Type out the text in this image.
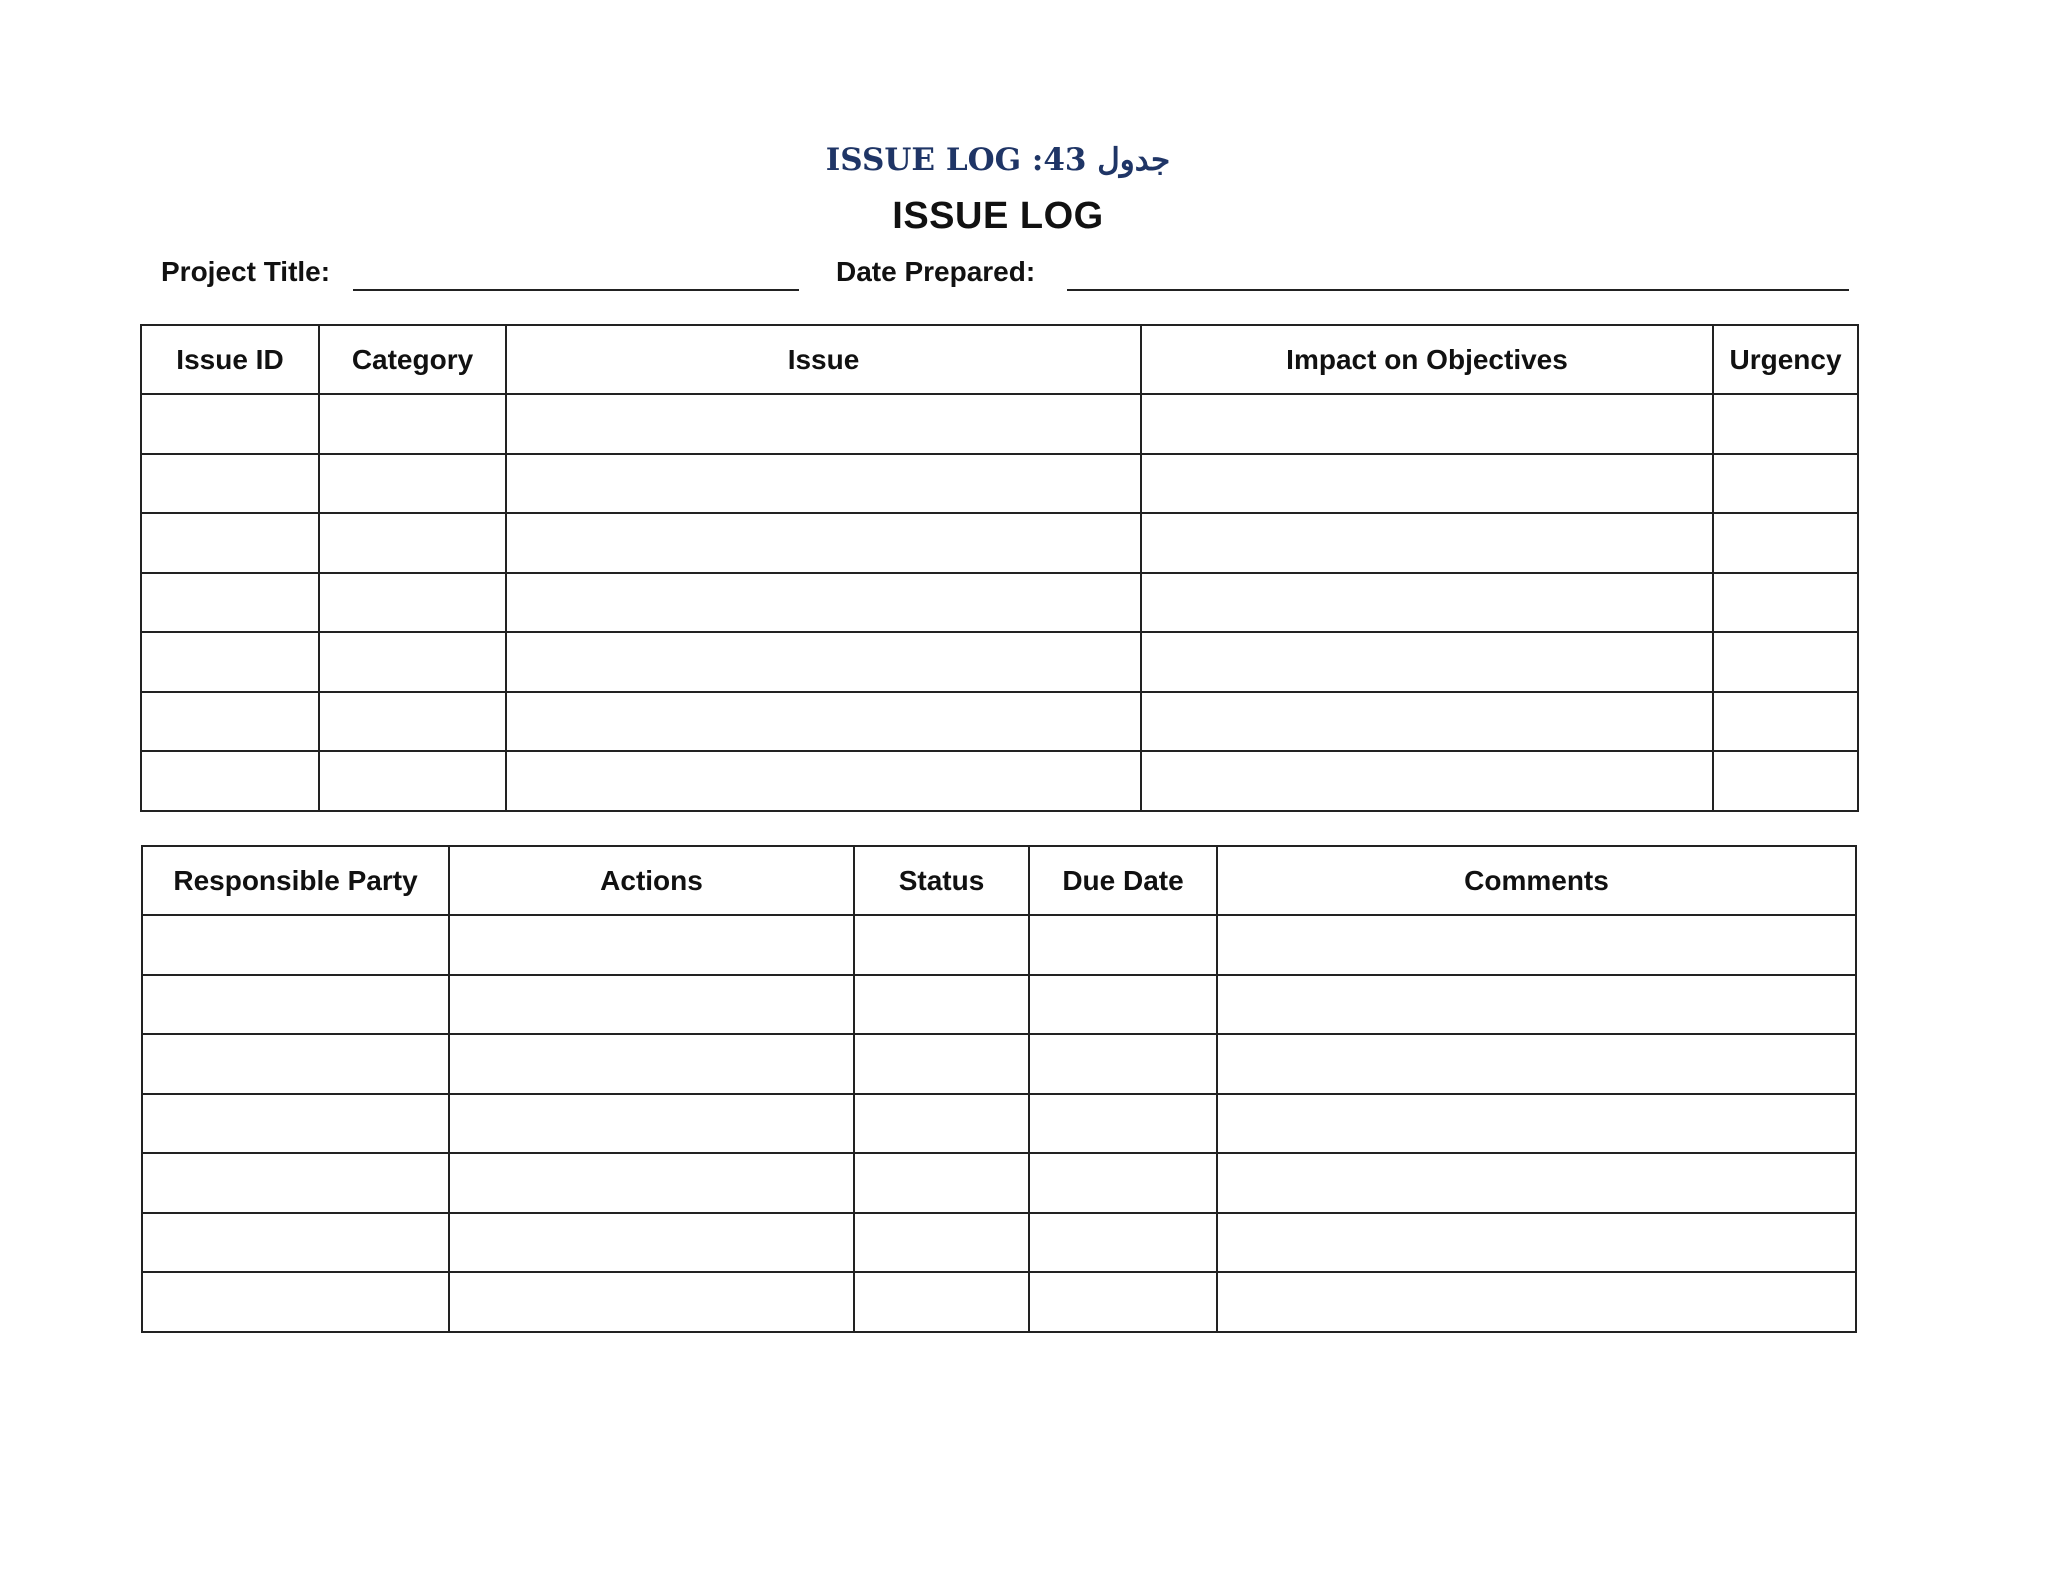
جدول 43: ISSUE LOG
ISSUE LOG
Project Title:	Date Prepared:
Issue ID	Category	Issue	Impact on Objectives	Urgency

Responsible Party	Actions	Status	Due Date	Comments
